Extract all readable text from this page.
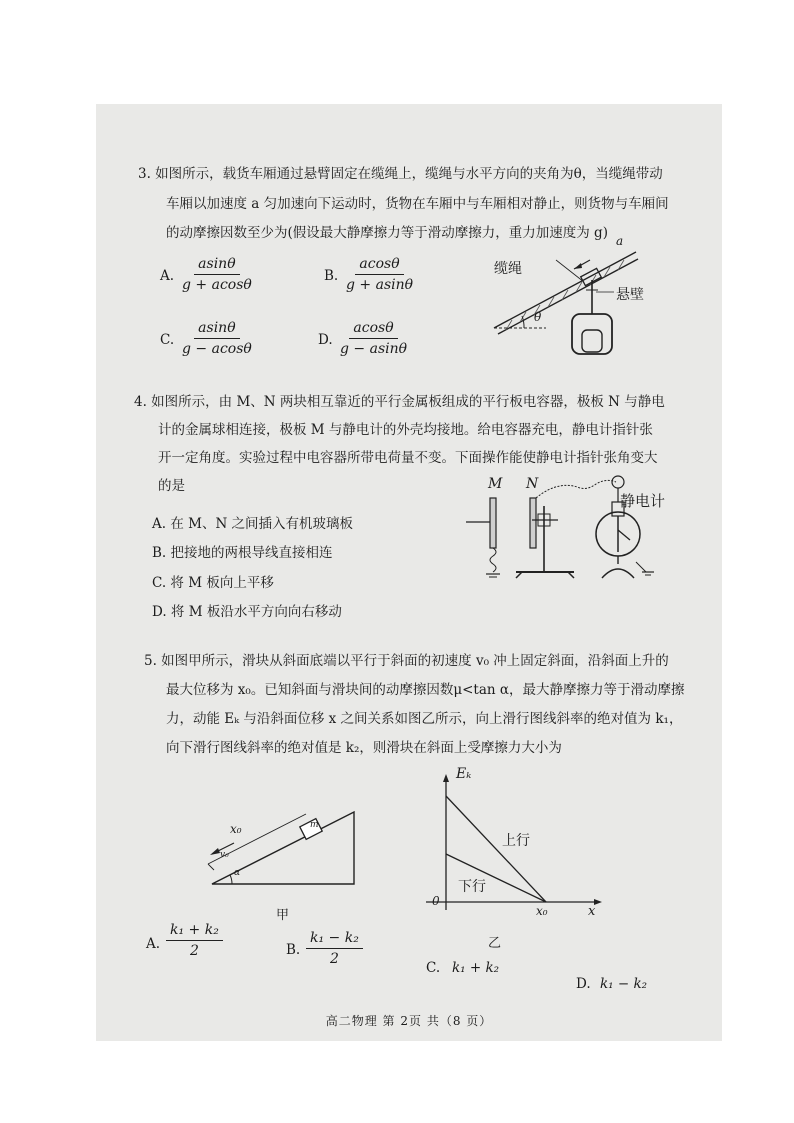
3. 如图所示，载货车厢通过悬臂固定在缆绳上，缆绳与水平方向的夹角为θ，当缆绳带动
车厢以加速度 a 匀加速向下运动时，货物在车厢中与车厢相对静止，则货物与车厢间
的动摩擦因数至少为(假设最大静摩擦力等于滑动摩擦力，重力加速度为 g)
A. $\frac{asin\theta}{g + acos\theta}$	B. $\frac{acos\theta}{g + asin\theta}$
C. $\frac{asin\theta}{g - acos\theta}$	D. $\frac{acos\theta}{g - asin\theta}$
缆绳
悬壁
a
θ
4. 如图所示，由 M、N 两块相互靠近的平行金属板组成的平行板电容器，极板 N 与静电
计的金属球相连接，极板 M 与静电计的外壳均接地。给电容器充电，静电计指针张
开一定角度。实验过程中电容器所带电荷量不变。下面操作能使静电计指针张角变大
的是
A. 在 M、N 之间插入有机玻璃板
B. 把接地的两根导线直接相连
C. 将 M 板向上平移
D. 将 M 板沿水平方向向右移动
M N
静电计
5. 如图甲所示，滑块从斜面底端以平行于斜面的初速度 v₀ 冲上固定斜面，沿斜面上升的
最大位移为 x₀。已知斜面与滑块间的动摩擦因数μ<tan α，最大静摩擦力等于滑动摩擦
力，动能 Eₖ 与沿斜面位移 x 之间关系如图乙所示，向上滑行图线斜率的绝对值为 k₁，
向下滑行图线斜率的绝对值是 k₂，则滑块在斜面上受摩擦力大小为
x₀	m
v₀
α
甲
Eₖ
上行
下行
0
x₀	x
乙
A. $\frac{\text{k₁ + k₂}}{2}$	B. $\frac{\text{k₁ − k₂}}{2}$
C. k₁ + k₂
D. k₁ − k₂
高二物理 第 2页 共（8 页）
